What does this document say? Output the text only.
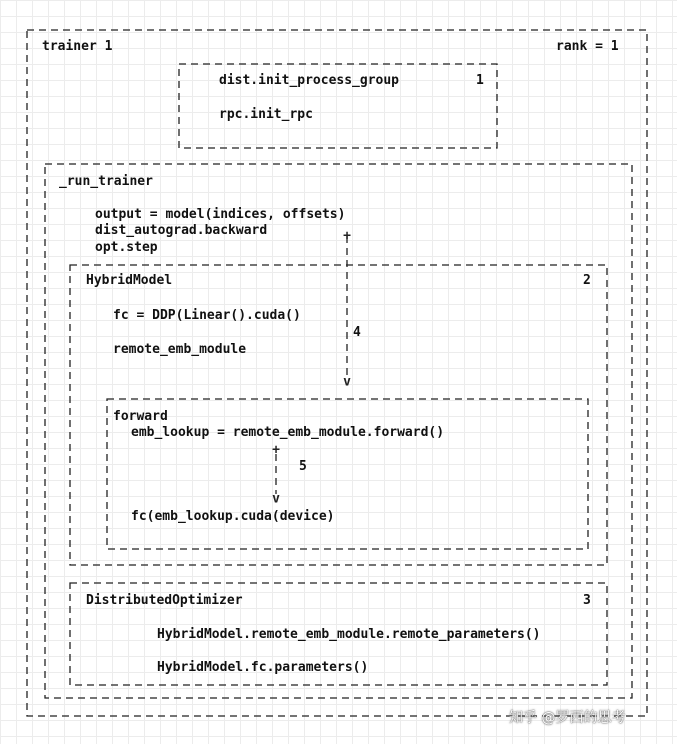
+
v
+
v
trainer 1	rank = 1
dist.init_process_group	1
rpc.init_rpc
_run_trainer
output = model(indices, offsets)
dist_autograd.backward
opt.step
HybridModel	2
fc = DDP(Linear().cuda()
remote_emb_module
4
forward
emb_lookup = remote_emb_module.forward()
5
fc(emb_lookup.cuda(device)
DistributedOptimizer	3
HybridModel.remote_emb_module.remote_parameters()
HybridModel.fc.parameters()
知乎 @罗西的思考
